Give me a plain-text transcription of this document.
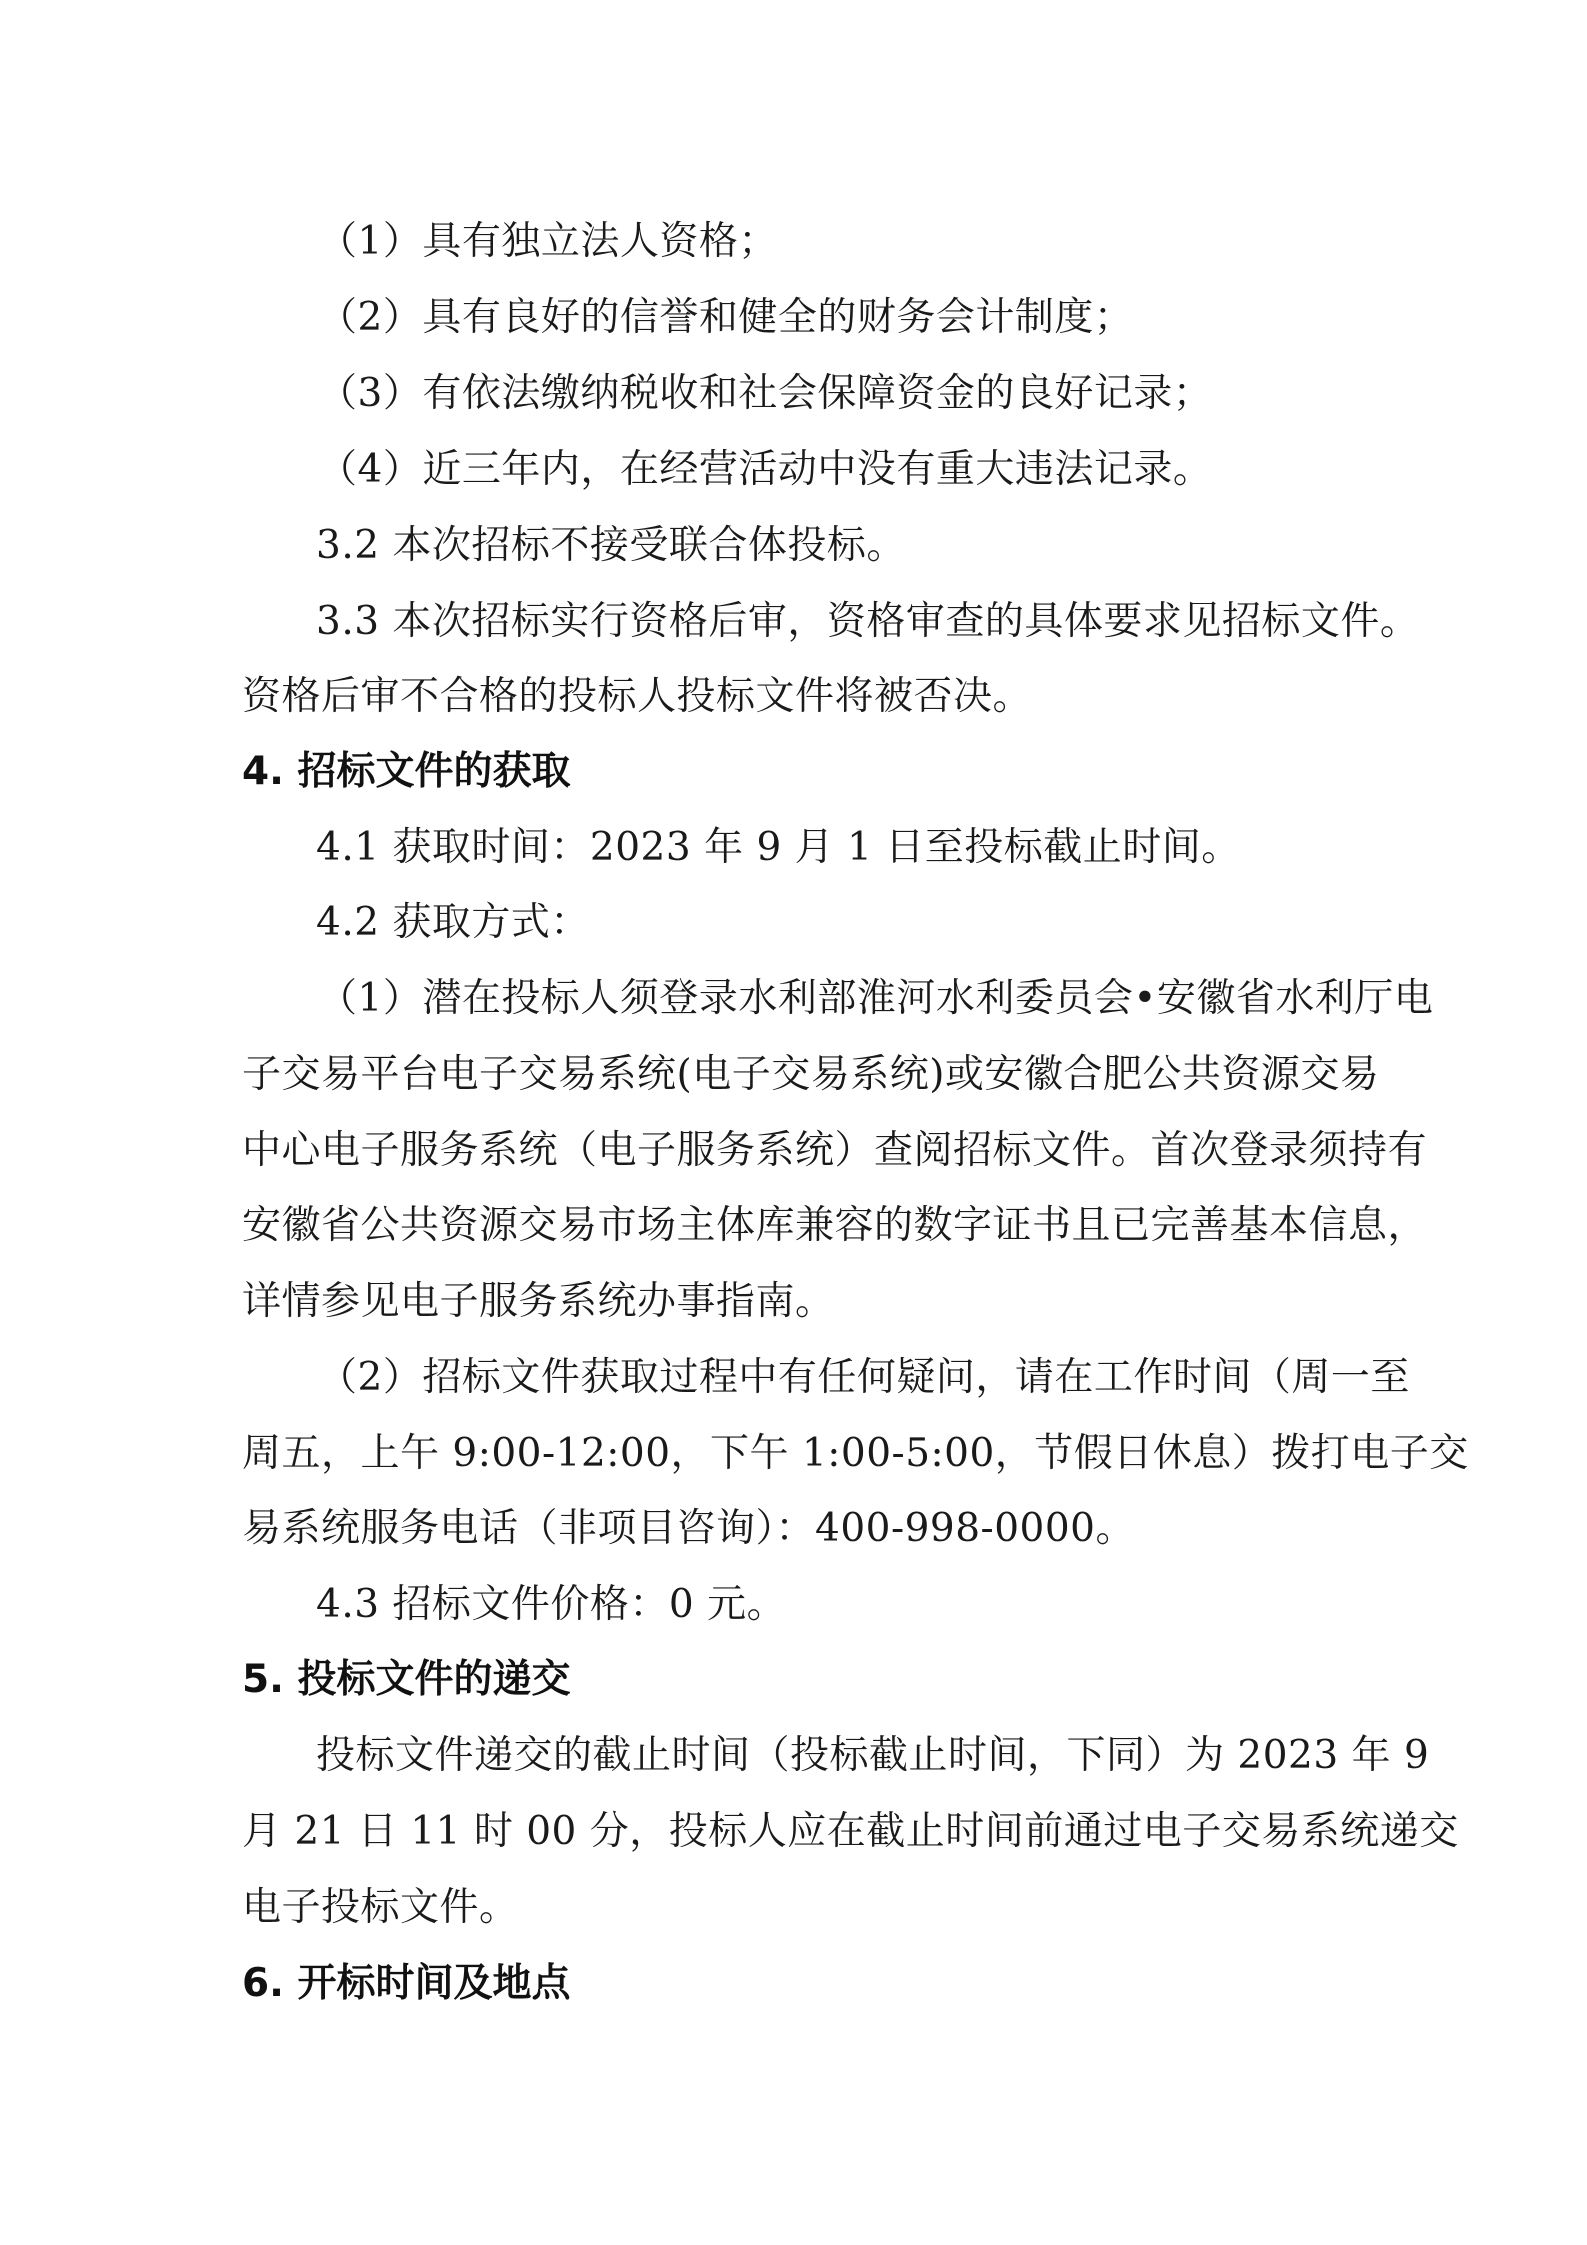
（1）具有独立法人资格；
（2）具有良好的信誉和健全的财务会计制度；
（3）有依法缴纳税收和社会保障资金的良好记录；
（4）近三年内，在经营活动中没有重大违法记录。
3.2 本次招标不接受联合体投标。
3.3 本次招标实行资格后审，资格审查的具体要求见招标文件。
资格后审不合格的投标人投标文件将被否决。
4. 招标文件的获取
4.1 获取时间：2023 年 9 月 1 日至投标截止时间。
4.2 获取方式：
（1）潜在投标人须登录水利部淮河水利委员会•安徽省水利厅电
子交易平台电子交易系统(电子交易系统)或安徽合肥公共资源交易
中心电子服务系统（电子服务系统）查阅招标文件。首次登录须持有
安徽省公共资源交易市场主体库兼容的数字证书且已完善基本信息，
详情参见电子服务系统办事指南。
（2）招标文件获取过程中有任何疑问，请在工作时间（周一至
周五，上午 9:00-12:00，下午 1:00-5:00，节假日休息）拨打电子交
易系统服务电话（非项目咨询）：400-998-0000。
4.3 招标文件价格：0 元。
5. 投标文件的递交
投标文件递交的截止时间（投标截止时间，下同）为 2023 年 9
月 21 日 11 时 00 分，投标人应在截止时间前通过电子交易系统递交
电子投标文件。
6. 开标时间及地点
